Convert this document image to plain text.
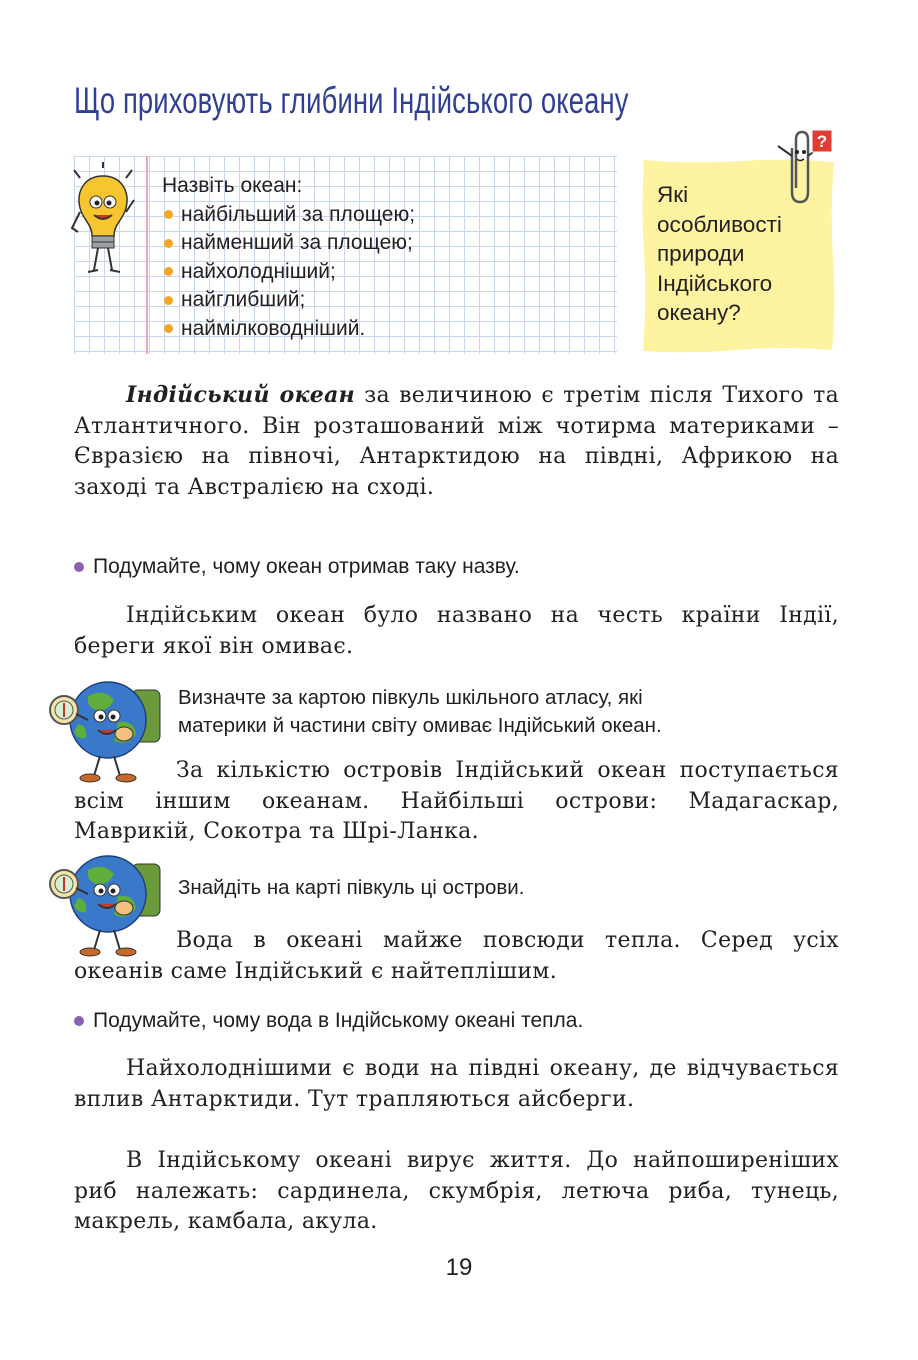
Що приховують глибини Індійського океану
Назвіть океан:
найбільший за площею;
найменший за площею;
найхолодніший;
найглибший;
наймілководніший.
Які
особливості
природи
Індійського
океану?
?
Індійський океан за величиною є третім після Тихого та Атлантичного. Він розташований між чотирма материками – Євразією на півночі, Антарктидою на півдні, Африкою на заході та Австралією на сході.
Подумайте, чому океан отримав таку назву.
Індійським океан було названо на честь країни Індії, береги якої він омиває.
Визначте за картою півкуль шкільного атласу, які
материки й частини світу омиває Індійський океан.
За кількістю островів Індійський океан поступається всім іншим океанам. Найбільші острови: Мадагаскар, Маврикій, Сокотра та Шрі-Ланка.
Знайдіть на карті півкуль ці острови.
Вода в океані майже повсюди тепла. Серед усіх океанів саме Індійський є найтеплішим.
Подумайте, чому вода в Індійському океані тепла.
Найхолоднішими є води на півдні океану, де відчувається вплив Антарктиди. Тут трапляються айсберги.
В Індійському океані вирує життя. До найпоширеніших риб належать: сардинела, скумбрія, летюча риба, тунець, макрель, камбала, акула.
19
